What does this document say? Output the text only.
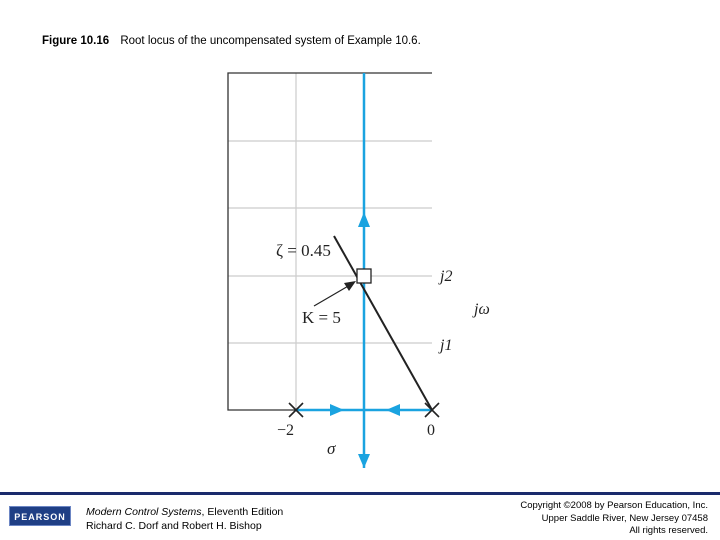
Figure 10.16 Root locus of the uncompensated system of Example 10.6.
ζ = 0.45
K = 5
j2
j1
jω
σ
−2	0
PEARSON	Modern Control Systems, Eleventh Edition
Richard C. Dorf and Robert H. Bishop
Copyright ©2008 by Pearson Education, Inc.
Upper Saddle River, New Jersey 07458
All rights reserved.
